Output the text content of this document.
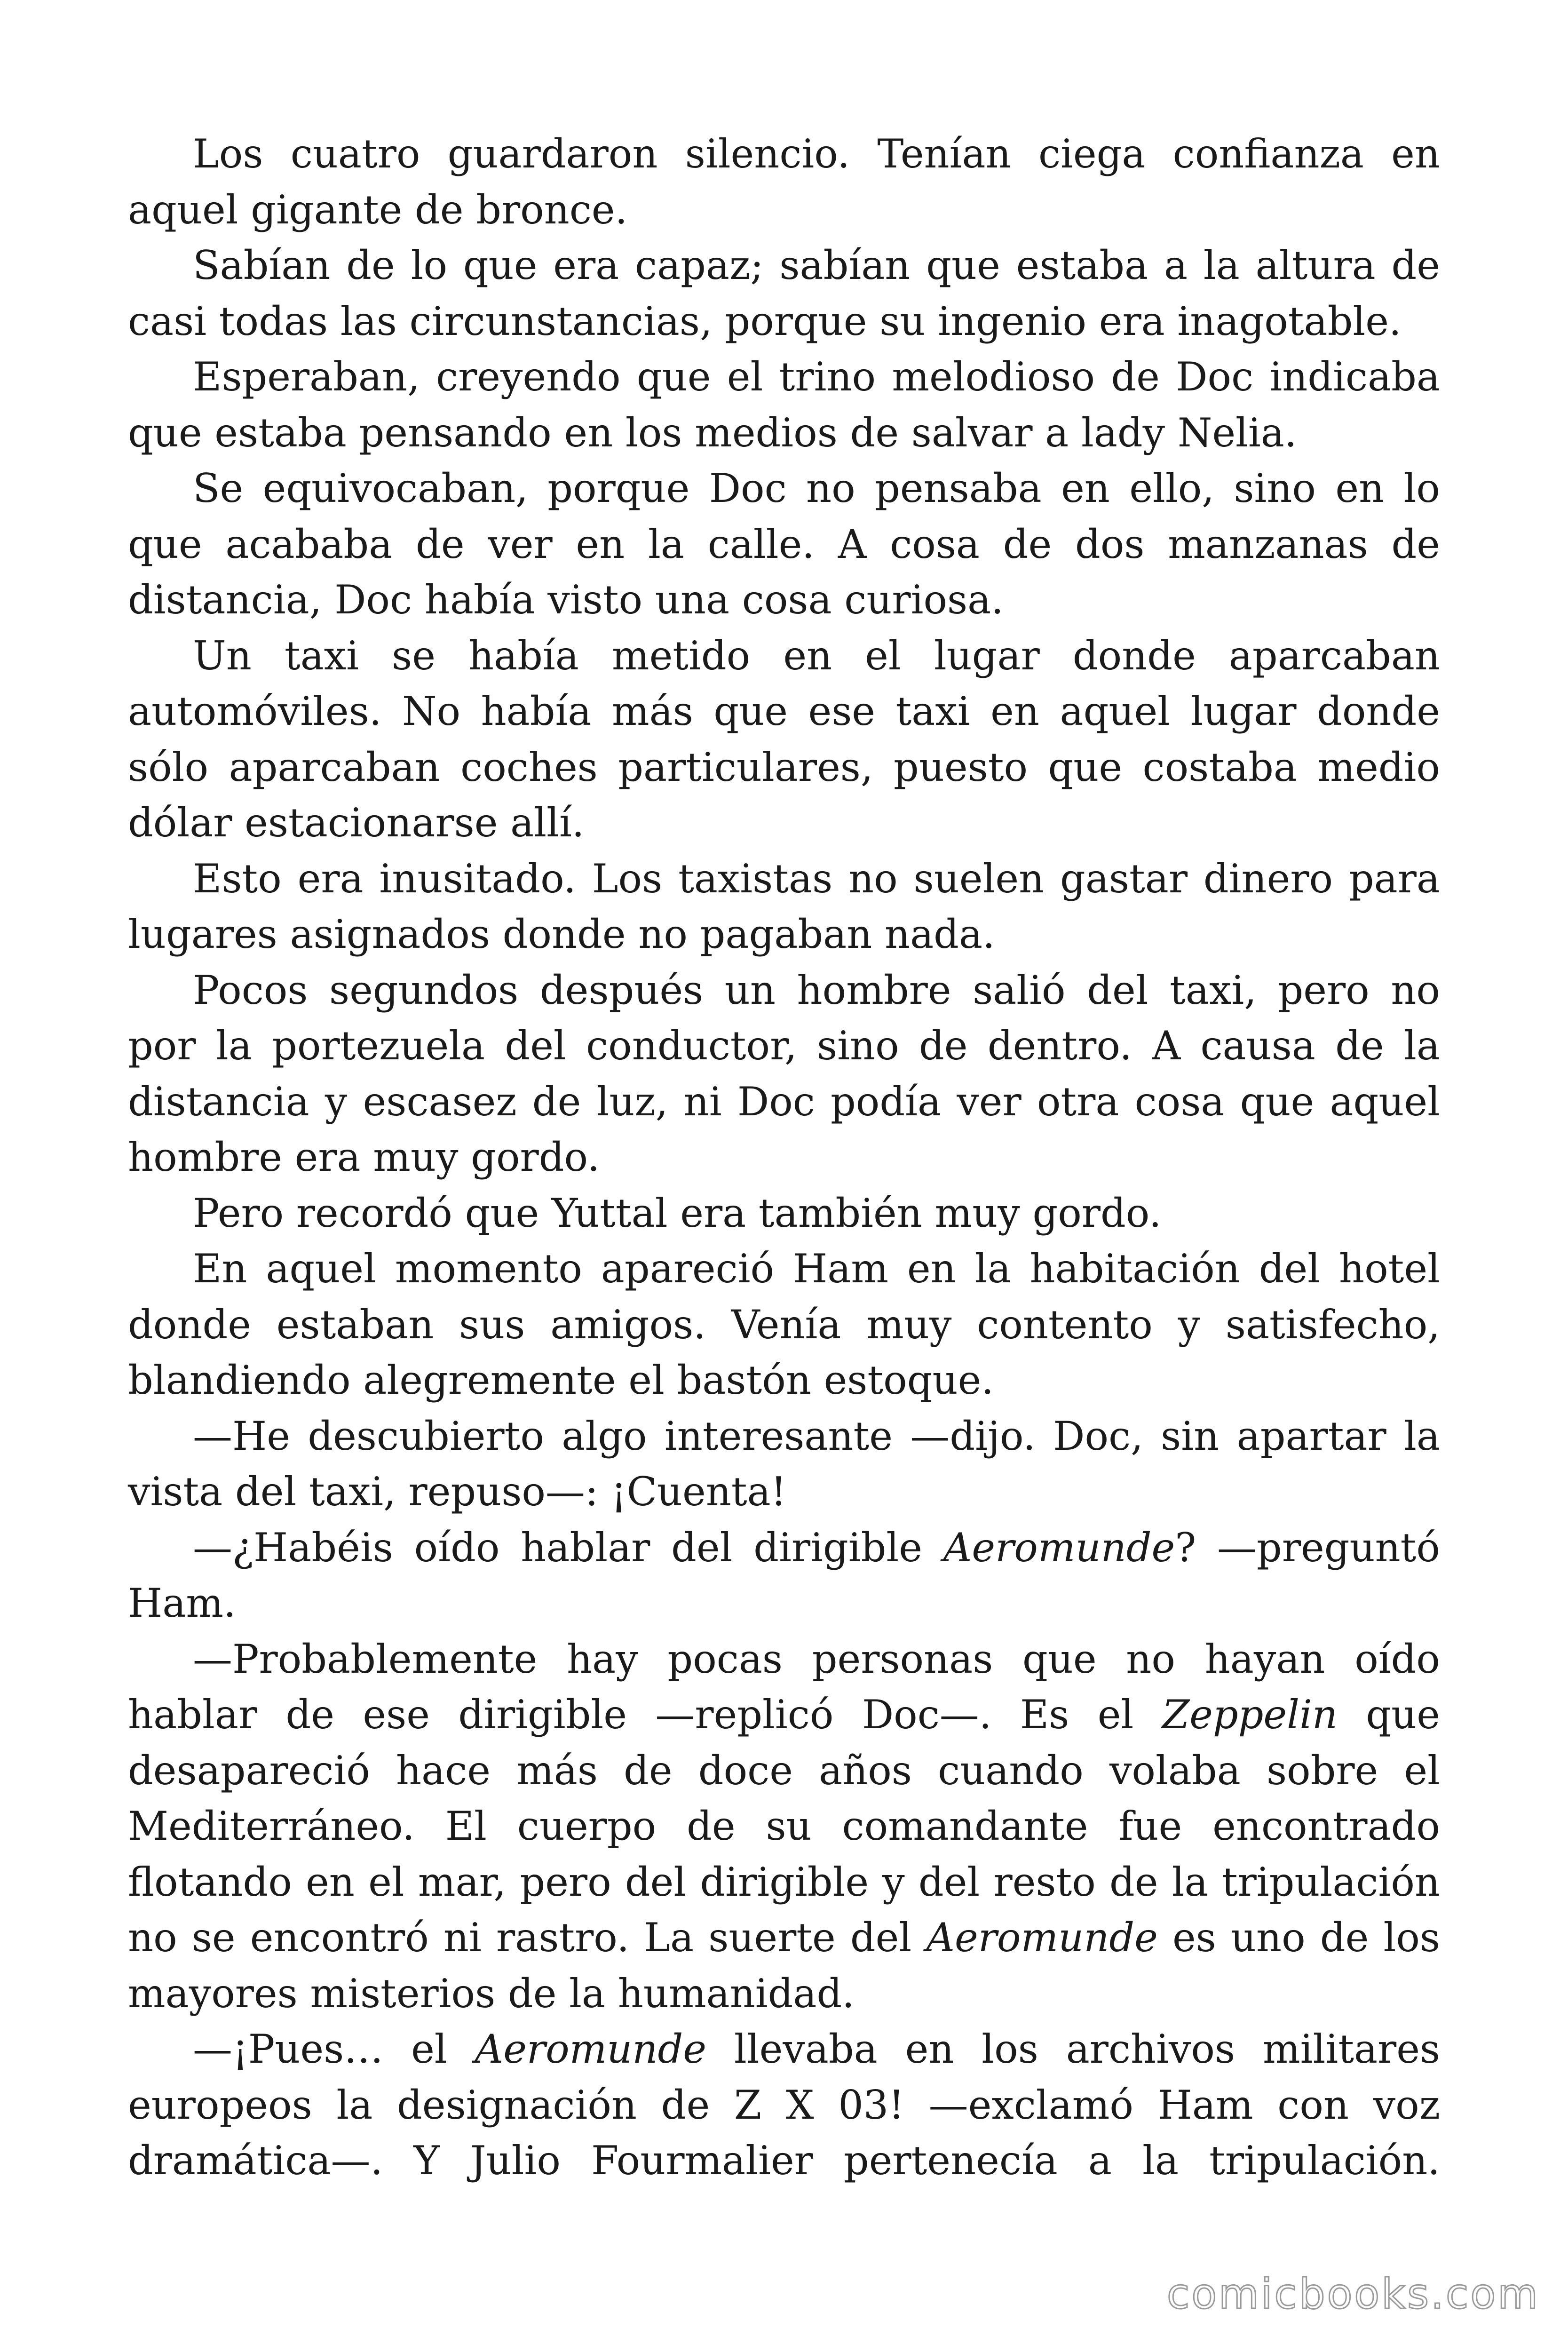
Los cuatro guardaron silencio. Tenían ciega confianza en aquel gigante de bronce.

Sabían de lo que era capaz; sabían que estaba a la altura de casi todas las circunstancias, porque su ingenio era inagotable.

Esperaban, creyendo que el trino melodioso de Doc indicaba que estaba pensando en los medios de salvar a lady Nelia.

Se equivocaban, porque Doc no pensaba en ello, sino en lo que acababa de ver en la calle. A cosa de dos manzanas de distancia, Doc había visto una cosa curiosa.

Un taxi se había metido en el lugar donde aparcaban automóviles. No había más que ese taxi en aquel lugar donde sólo aparcaban coches particulares, puesto que costaba medio dólar estacionarse allí.

Esto era inusitado. Los taxistas no suelen gastar dinero para lugares asignados donde no pagaban nada.

Pocos segundos después un hombre salió del taxi, pero no por la portezuela del conductor, sino de dentro. A causa de la distancia y escasez de luz, ni Doc podía ver otra cosa que aquel hombre era muy gordo.

Pero recordó que Yuttal era también muy gordo.

En aquel momento apareció Ham en la habitación del hotel donde estaban sus amigos. Venía muy contento y satisfecho, blandiendo alegremente el bastón estoque.

—He descubierto algo interesante —dijo. Doc, sin apartar la vista del taxi, repuso—: ¡Cuenta!

—¿Habéis oído hablar del dirigible Aeromunde? —preguntó Ham.

—Probablemente hay pocas personas que no hayan oído hablar de ese dirigible —replicó Doc—. Es el Zeppelin que desapareció hace más de doce años cuando volaba sobre el Mediterráneo. El cuerpo de su comandante fue encontrado flotando en el mar, pero del dirigible y del resto de la tripulación no se encontró ni rastro. La suerte del Aeromunde es uno de los mayores misterios de la humanidad.

—¡Pues… el Aeromunde llevaba en los archivos militares europeos la designación de Z X 03! —exclamó Ham con voz dramática—. Y Julio Fourmalier pertenecía a la tripulación.

comicbooks.com
